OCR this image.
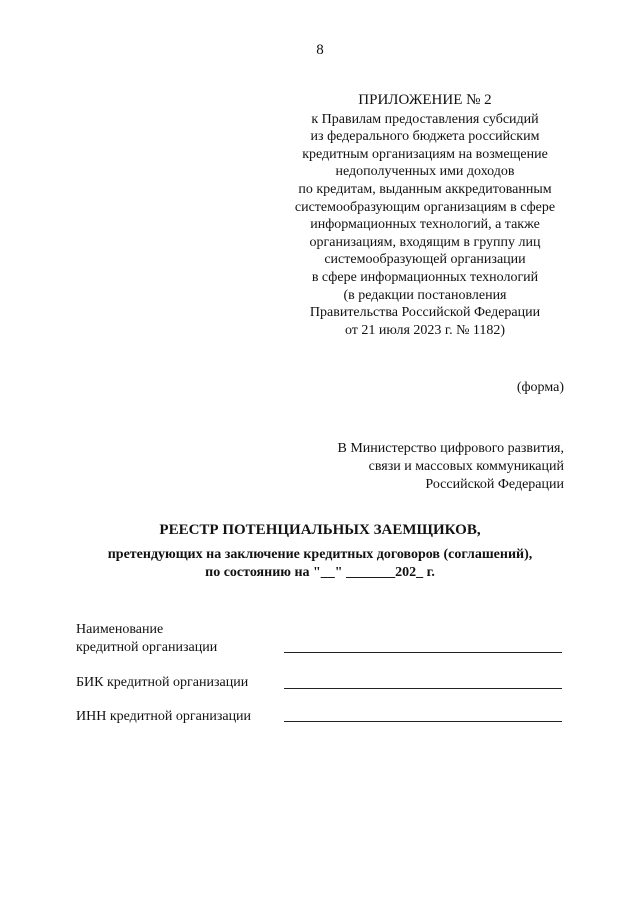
8
ПРИЛОЖЕНИЕ № 2
к Правилам предоставления субсидий
из федерального бюджета российским
кредитным организациям на возмещение
недополученных ими доходов
по кредитам, выданным аккредитованным
системообразующим организациям в сфере
информационных технологий, а также
организациям, входящим в группу лиц
системообразующей организации
в сфере информационных технологий
(в редакции постановления
Правительства Российской Федерации
от 21 июля 2023 г. № 1182)
(форма)
В Министерство цифрового развития,
связи и массовых коммуникаций
Российской Федерации
РЕЕСТР ПОТЕНЦИАЛЬНЫХ ЗАЕМЩИКОВ,
претендующих на заключение кредитных договоров (соглашений),
по состоянию на "__" _______202_ г.
Наименование
кредитной организации
БИК кредитной организации
ИНН кредитной организации
